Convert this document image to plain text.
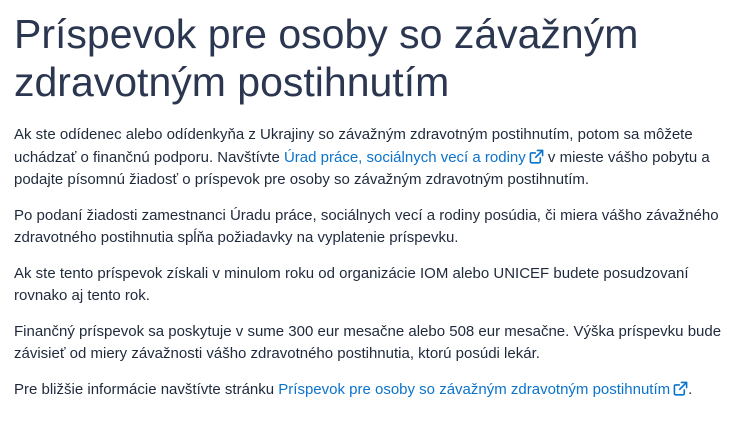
Príspevok pre osoby so závažným zdravotným postihnutím

Ak ste odídenec alebo odídenkyňa z Ukrajiny so závažným zdravotným postihnutím, potom sa môžete uchádzať o finančnú podporu. Navštívte Úrad práce, sociálnych vecí a rodiny
v mieste vášho pobytu a podajte písomnú žiadosť o príspevok pre osoby so závažným zdravotným postihnutím.

Po podaní žiadosti zamestnanci Úradu práce, sociálnych vecí a rodiny posúdia, či miera vášho závažného zdravotného postihnutia spĺňa požiadavky na vyplatenie príspevku.

Ak ste tento príspevok získali v minulom roku od organizácie IOM alebo UNICEF budete posudzovaní rovnako aj tento rok.

Finančný príspevok sa poskytuje v sume 300 eur mesačne alebo 508 eur mesačne. Výška príspevku bude závisieť od miery závažnosti vášho zdravotného postihnutia, ktorú posúdi lekár.

Pre bližšie informácie navštívte stránku Príspevok pre osoby so závažným zdravotným postihnutím .
